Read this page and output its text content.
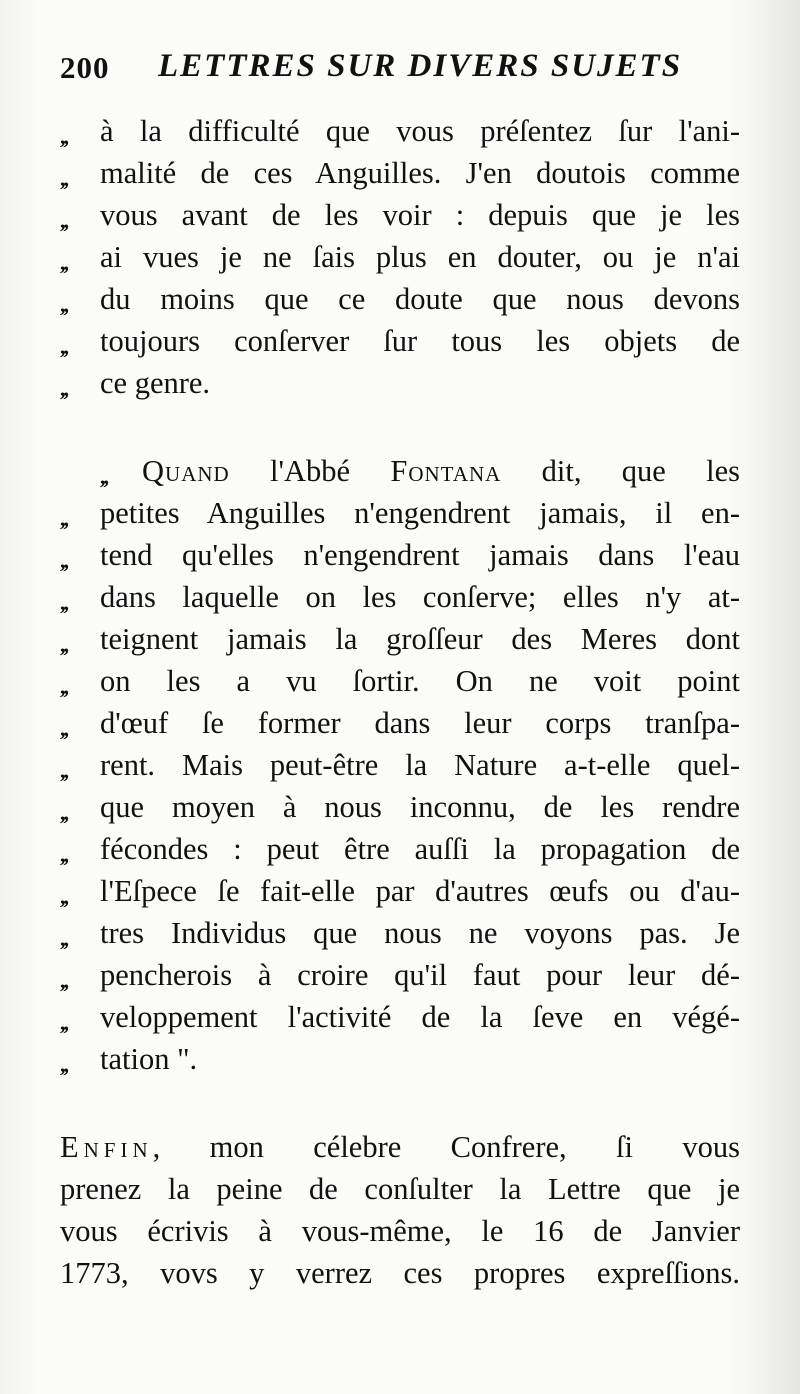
200 LETTRES SUR DIVERS SUJETS
,,	à la difficulté que vous préſentez ſur l'ani-
,,	malité de ces Anguilles. J'en doutois comme
,,	vous avant de les voir : depuis que je les
,,	ai vues je ne ſais plus en douter, ou je n'ai
,,	du moins que ce doute que nous devons
,,	toujours conſerver ſur tous les objets de
,,	ce genre.
,,	Quand l'Abbé Fontana dit, que les
,,	petites Anguilles n'engendrent jamais, il en-
,,	tend qu'elles n'engendrent jamais dans l'eau
,,	dans laquelle on les conſerve; elles n'y at-
,,	teignent jamais la groſſeur des Meres dont
,,	on les a vu ſortir. On ne voit point
,,	d'œuf ſe former dans leur corps tranſpa-
,,	rent. Mais peut-être la Nature a-t-elle quel-
,,	que moyen à nous inconnu, de les rendre
,,	fécondes : peut être auſſi la propagation de
,,	l'Eſpece ſe fait-elle par d'autres œufs ou d'au-
,,	tres Individus que nous ne voyons pas. Je
,,	pencherois à croire qu'il faut pour leur dé-
,,	veloppement l'activité de la ſeve en végé-
,,	tation ".
Enfin, mon célebre Confrere, ſi vous
prenez la peine de conſulter la Lettre que je
vous écrivis à vous-même, le 16 de Janvier
1773, vovs y verrez ces propres expreſſions.
